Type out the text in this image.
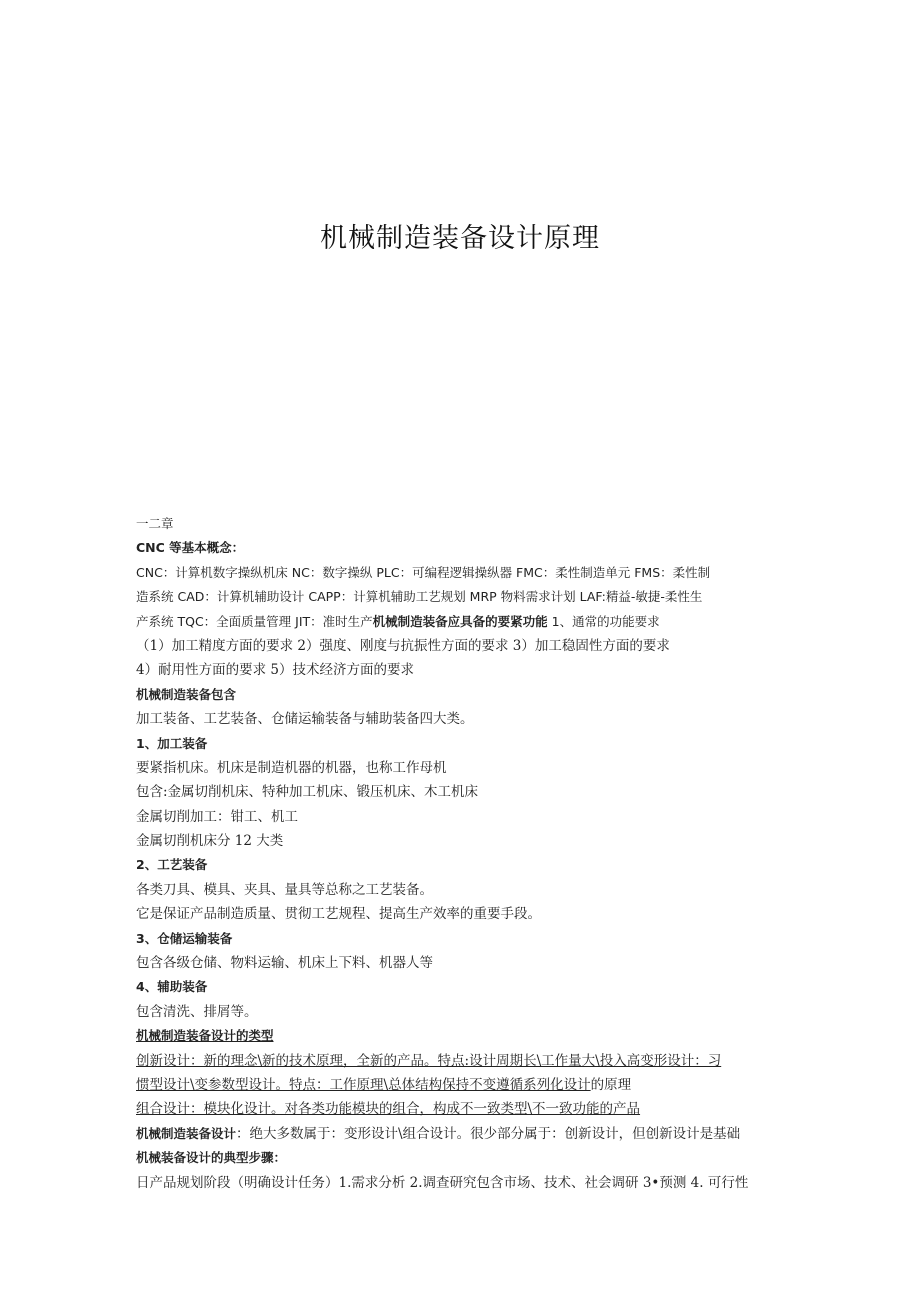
机械制造装备设计原理
一二章
CNC 等基本概念：
CNC：计算机数字操纵机床 NC：数字操纵 PLC：可编程逻辑操纵器 FMC：柔性制造单元 FMS：柔性制
造系统 CAD：计算机辅助设计 CAPP：计算机辅助工艺规划 MRP 物料需求计划 LAF:精益-敏捷-柔性生
产系统 TQC：全面质量管理 JIT：准时生产机械制造装备应具备的要紧功能 1、通常的功能要求
（1）加工精度方面的要求 2）强度、刚度与抗振性方面的要求 3）加工稳固性方面的要求
4）耐用性方面的要求 5）技术经济方面的要求
机械制造装备包含
加工装备、工艺装备、仓储运输装备与辅助装备四大类。
1、加工装备
要紧指机床。机床是制造机器的机器，也称工作母机
包含:金属切削机床、特种加工机床、锻压机床、木工机床
金属切削加工：钳工、机工
金属切削机床分 12 大类
2、工艺装备
各类刀具、模具、夹具、量具等总称之工艺装备。
它是保证产品制造质量、贯彻工艺规程、提高生产效率的重要手段。
3、仓储运输装备
包含各级仓储、物料运输、机床上下料、机器人等
4、辅助装备
包含清洗、排屑等。
机械制造装备设计的类型
创新设计：新的理念\新的技术原理，全新的产品。特点:设计周期长\工作量大\投入高变形设计：习
惯型设计\变参数型设计。特点：工作原理\总体结构保持不变遵循系列化设计的原理
组合设计：模块化设计。对各类功能模块的组合，构成不一致类型\不一致功能的产品
机械制造装备设计：绝大多数属于：变形设计\组合设计。很少部分属于：创新设计，但创新设计是基础
机械装备设计的典型步骤：
日产品规划阶段（明确设计任务）1.需求分析 2.调查研究包含市场、技术、社会调研 3•预测 4. 可行性
